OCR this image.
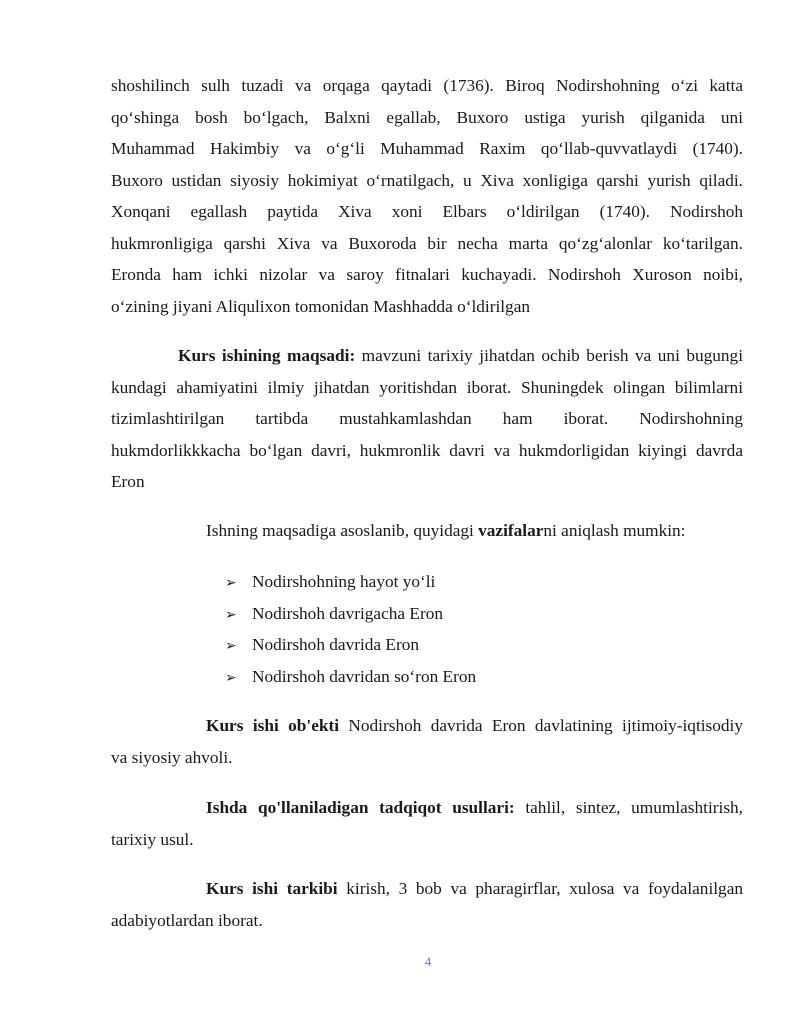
shoshilinch sulh tuzadi va orqaga qaytadi (1736). Biroq Nodirshohning o‘zi katta
qo‘shinga bosh bo‘lgach, Balxni egallab, Buxoro ustiga yurish qilganida uni
Muhammad Hakimbiy va o‘g‘li Muhammad Raxim qo‘llab-quvvatlaydi (1740).
Buxoro ustidan siyosiy hokimiyat o‘rnatilgach, u Xiva xonligiga qarshi yurish qiladi.
Xonqani egallash paytida Xiva xoni Elbars o‘ldirilgan (1740). Nodirshoh
hukmronligiga qarshi Xiva va Buxoroda bir necha marta qo‘zg‘alonlar ko‘tarilgan.
Eronda ham ichki nizolar va saroy fitnalari kuchayadi. Nodirshoh Xuroson noibi,
o‘zining jiyani Aliqulixon tomonidan Mashhadda o‘ldirilgan
Kurs ishining maqsadi: mavzuni tarixiy jihatdan ochib berish va uni bugungi
kundagi ahamiyatini ilmiy jihatdan yoritishdan iborat. Shuningdek olingan bilimlarni
tizimlashtirilgan tartibda mustahkamlashdan ham iborat. Nodirshohning
hukmdorlikkkacha bo‘lgan davri, hukmronlik davri va hukmdorligidan kiyingi davrda
Eron
Ishning maqsadiga asoslanib, quyidagi vazifalarni aniqlash mumkin:
➢ Nodirshohning hayot yo‘li
➢ Nodirshoh davrigacha Eron
➢ Nodirshoh davrida Eron
➢ Nodirshoh davridan so‘ron Eron
Kurs ishi ob'ekti Nodirshoh davrida Eron davlatining ijtimoiy-iqtisodiy
va siyosiy ahvoli.
Ishda qo'llaniladigan tadqiqot usullari: tahlil, sintez, umumlashtirish,
tarixiy usul.
Kurs ishi tarkibi kirish, 3 bob va pharagirflar, xulosa va foydalanilgan
adabiyotlardan iborat.
4
